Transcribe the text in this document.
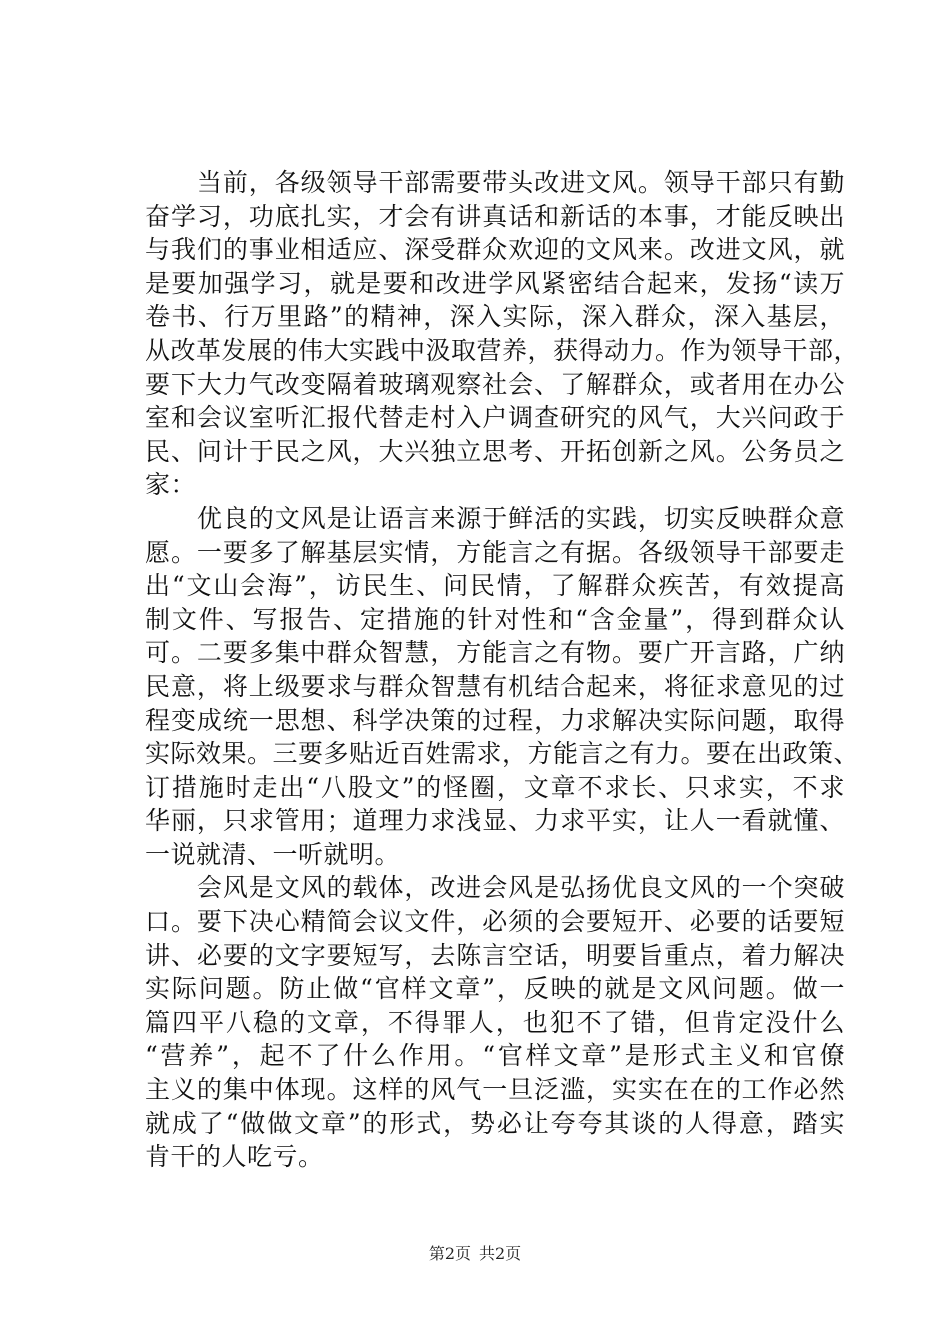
　　当前，各级领导干部需要带头改进文风。领导干部只有勤
奋学习，功底扎实，才会有讲真话和新话的本事，才能反映出
与我们的事业相适应、深受群众欢迎的文风来。改进文风，就
是要加强学习，就是要和改进学风紧密结合起来，发扬“读万
卷书、行万里路”的精神，深入实际，深入群众，深入基层，
从改革发展的伟大实践中汲取营养，获得动力。作为领导干部，
要下大力气改变隔着玻璃观察社会、了解群众，或者用在办公
室和会议室听汇报代替走村入户调查研究的风气，大兴问政于
民、问计于民之风，大兴独立思考、开拓创新之风。公务员之
家：
　　优良的文风是让语言来源于鲜活的实践，切实反映群众意
愿。一要多了解基层实情，方能言之有据。各级领导干部要走
出“文山会海”，访民生、问民情，了解群众疾苦，有效提高
制文件、写报告、定措施的针对性和“含金量”，得到群众认
可。二要多集中群众智慧，方能言之有物。要广开言路，广纳
民意，将上级要求与群众智慧有机结合起来，将征求意见的过
程变成统一思想、科学决策的过程，力求解决实际问题，取得
实际效果。三要多贴近百姓需求，方能言之有力。要在出政策、
订措施时走出“八股文”的怪圈，文章不求长、只求实，不求
华丽，只求管用；道理力求浅显、力求平实，让人一看就懂、
一说就清、一听就明。
　　会风是文风的载体，改进会风是弘扬优良文风的一个突破
口。要下决心精简会议文件，必须的会要短开、必要的话要短
讲、必要的文字要短写，去陈言空话，明要旨重点，着力解决
实际问题。防止做“官样文章”，反映的就是文风问题。做一
篇四平八稳的文章，不得罪人，也犯不了错，但肯定没什么
“营养”，起不了什么作用。“官样文章”是形式主义和官僚
主义的集中体现。这样的风气一旦泛滥，实实在在的工作必然
就成了“做做文章”的形式，势必让夸夸其谈的人得意，踏实
肯干的人吃亏。
第2页 共2页
